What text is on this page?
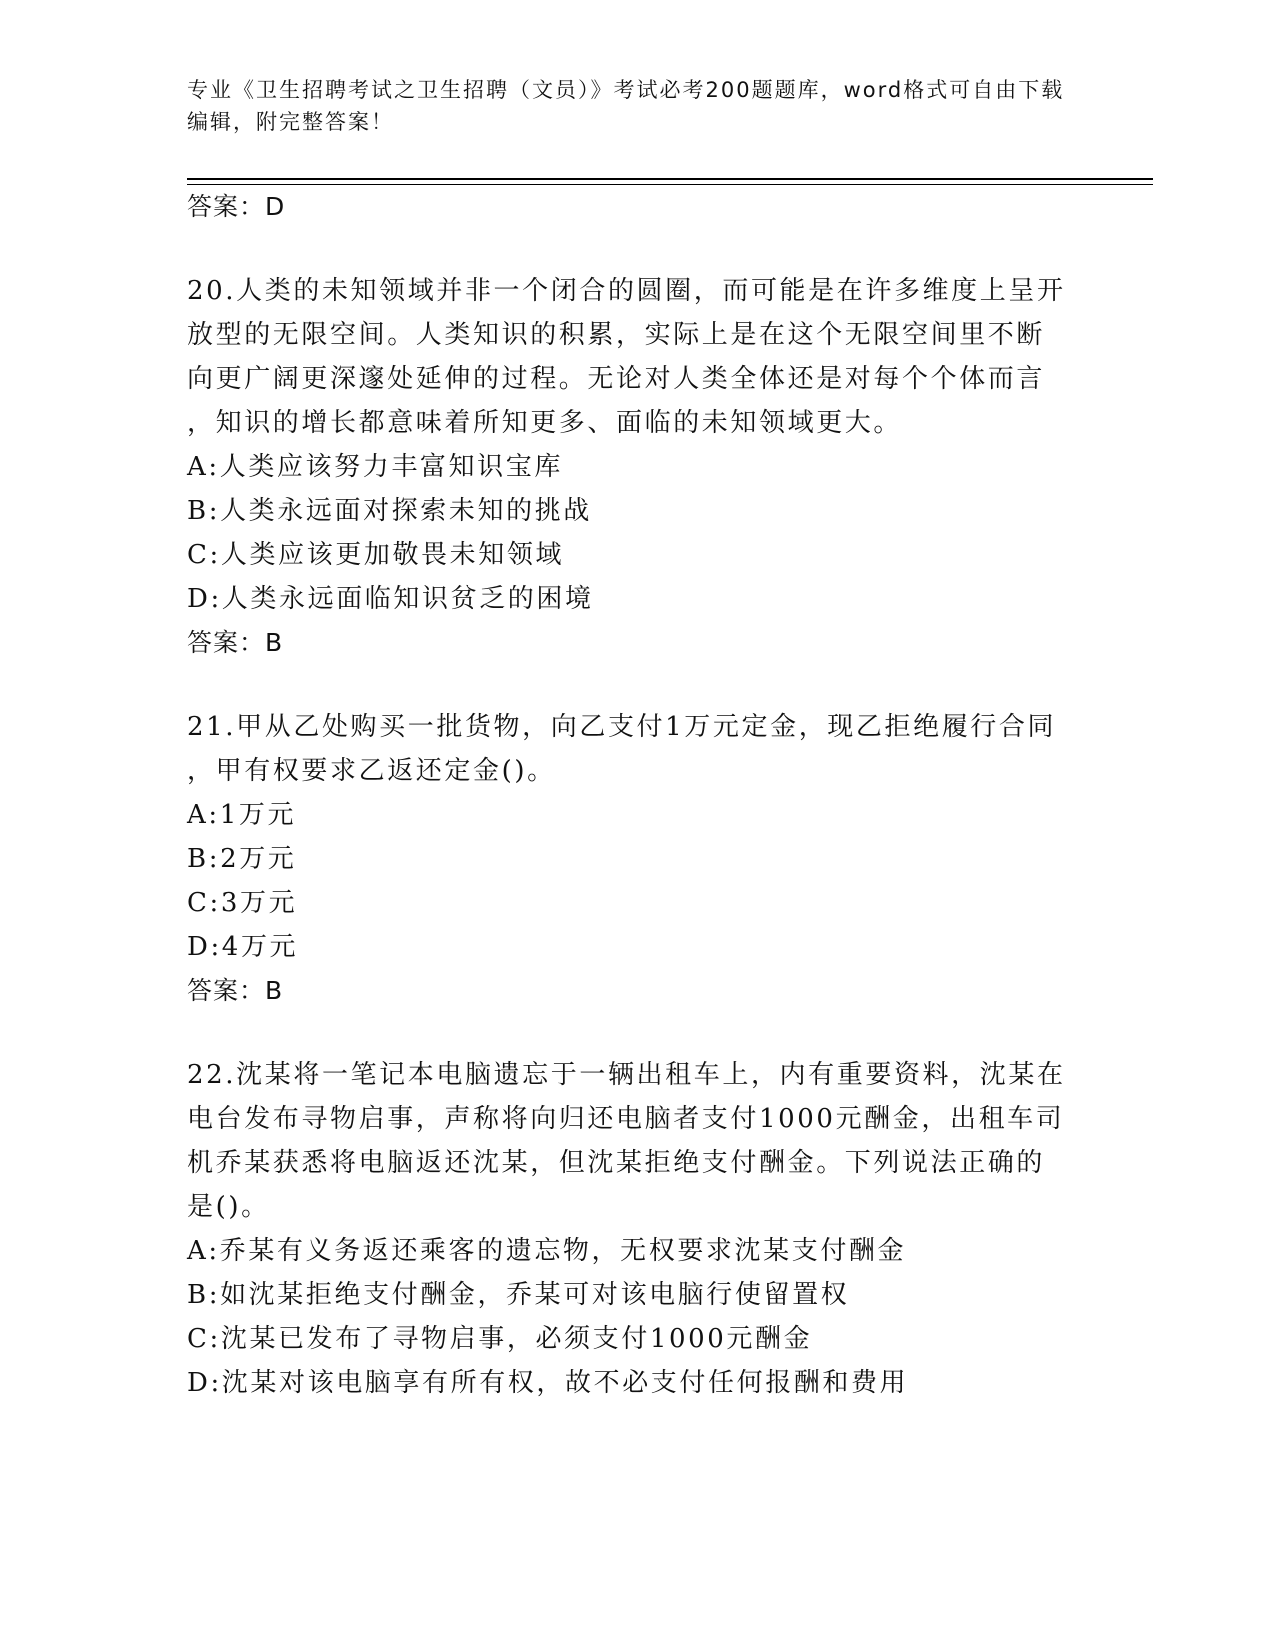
专业《卫生招聘考试之卫生招聘（文员）》考试必考200题题库，word格式可自由下载编辑，附完整答案！
答案：D
20.人类的未知领域并非一个闭合的圆圈，而可能是在许多维度上呈开
放型的无限空间。人类知识的积累，实际上是在这个无限空间里不断
向更广阔更深邃处延伸的过程。无论对人类全体还是对每个个体而言
，知识的增长都意味着所知更多、面临的未知领域更大。
A:人类应该努力丰富知识宝库
B:人类永远面对探索未知的挑战
C:人类应该更加敬畏未知领域
D:人类永远面临知识贫乏的困境
答案：B
21.甲从乙处购买一批货物，向乙支付1万元定金，现乙拒绝履行合同
，甲有权要求乙返还定金()。
A:1万元
B:2万元
C:3万元
D:4万元
答案：B
22.沈某将一笔记本电脑遗忘于一辆出租车上，内有重要资料，沈某在
电台发布寻物启事，声称将向归还电脑者支付1000元酬金，出租车司
机乔某获悉将电脑返还沈某，但沈某拒绝支付酬金。下列说法正确的
是()。
A:乔某有义务返还乘客的遗忘物，无权要求沈某支付酬金
B:如沈某拒绝支付酬金，乔某可对该电脑行使留置权
C:沈某已发布了寻物启事，必须支付1000元酬金
D:沈某对该电脑享有所有权，故不必支付任何报酬和费用
